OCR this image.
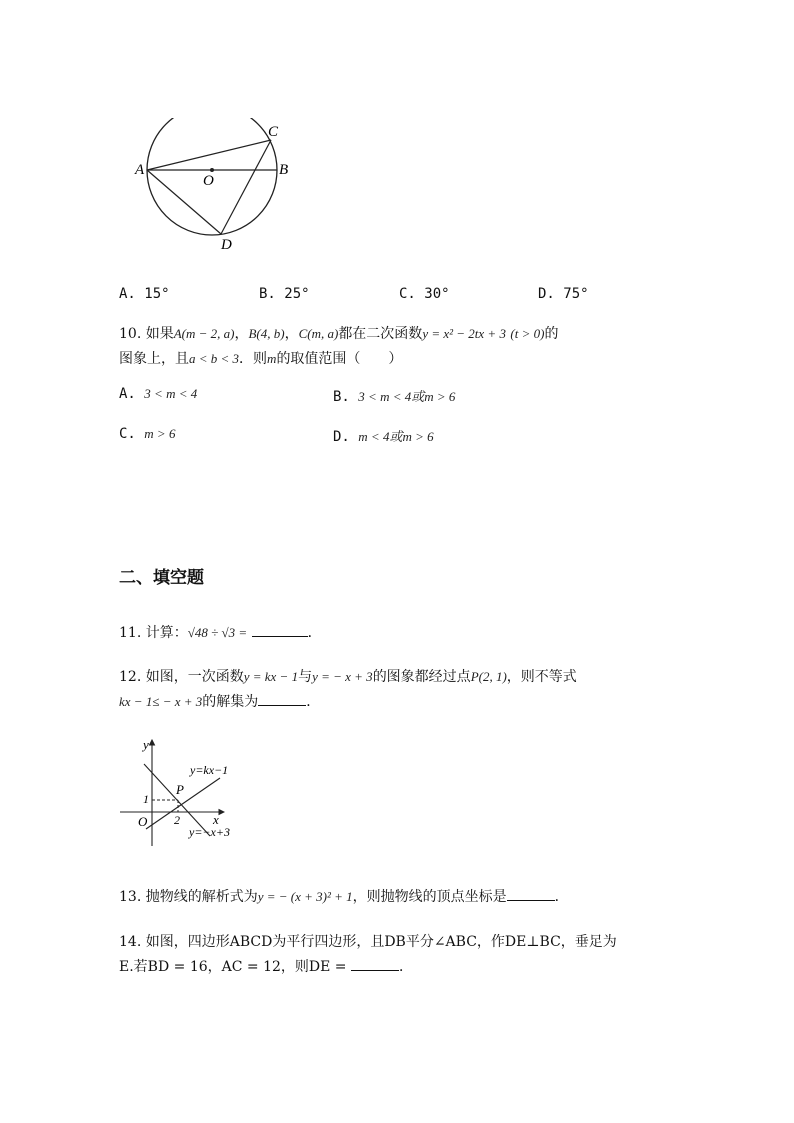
A	B
C
D
O
A. 15°	B. 25°	C. 30°	D. 75°
10. 如果A(m − 2, a)，B(4, b)，C(m, a)都在二次函数y = x² − 2tx + 3 (t > 0)的
图象上，且a < b < 3．则m的取值范围（　　）
A. 3 < m < 4	B. 3 < m < 4或m > 6
C. m > 6	D. m < 4或m > 6
二、填空题
11. 计算：√48 ÷ √3 =	．
12. 如图，一次函数y = kx − 1与y = − x + 3的图象都经过点P(2, 1)，则不等式
kx − 1≤ − x + 3的解集为	．
y
x
O
1
2
P
y=kx−1
y=−x+3
13. 抛物线的解析式为y = − (x + 3)² + 1，则抛物线的顶点坐标是	．
14. 如图，四边形ABCD为平行四边形，且DB平分∠ABC，作DE⊥BC，垂足为
E.若BD = 16，AC = 12，则DE =	．
